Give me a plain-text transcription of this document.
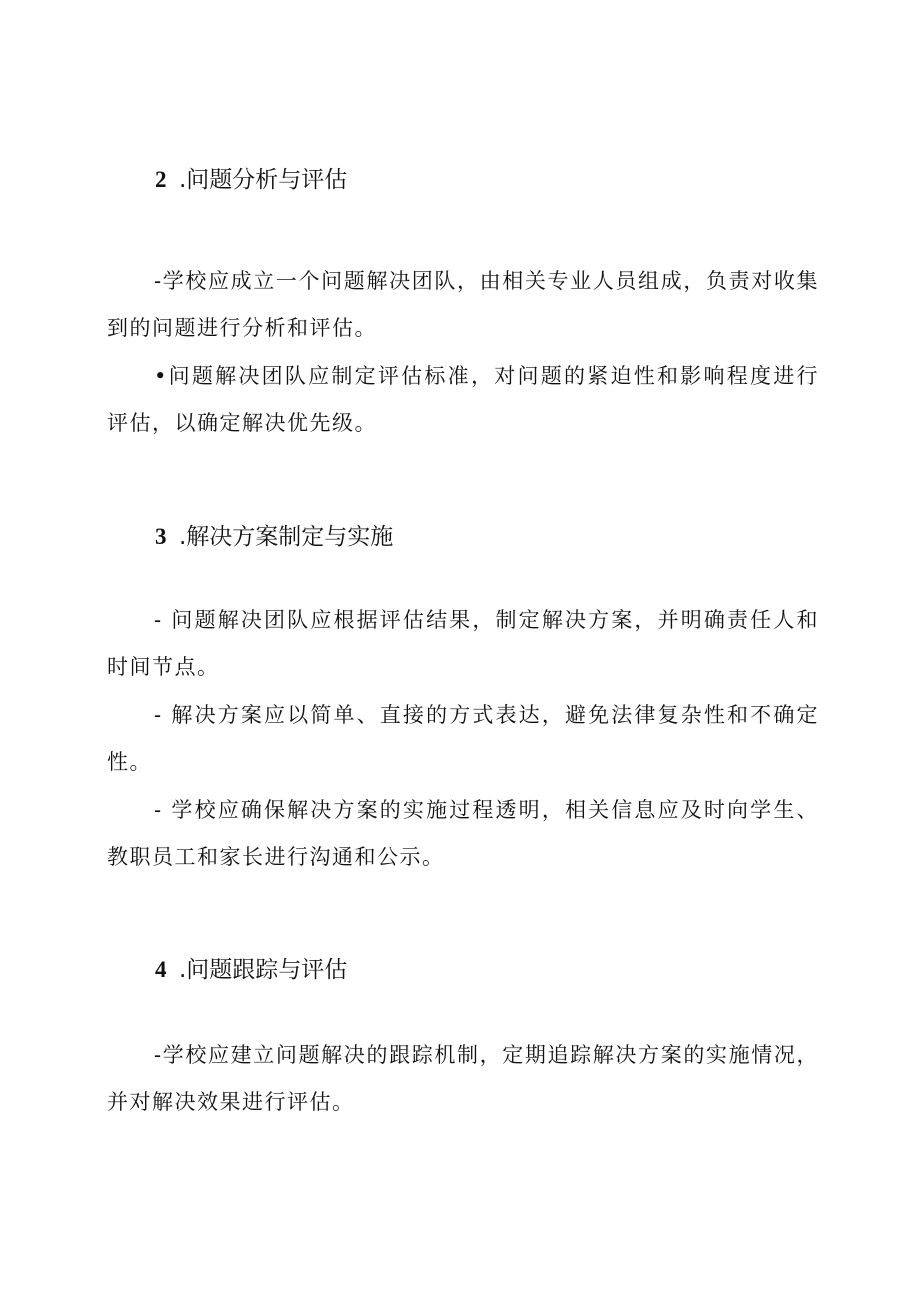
2 .问题分析与评估

-学校应成立一个问题解决团队，由相关专业人员组成，负责对收集到的问题进行分析和评估。

•问题解决团队应制定评估标准，对问题的紧迫性和影响程度进行评估，以确定解决优先级。

3 .解决方案制定与实施

- 问题解决团队应根据评估结果，制定解决方案，并明确责任人和时间节点。

- 解决方案应以简单、直接的方式表达，避免法律复杂性和不确定性。

- 学校应确保解决方案的实施过程透明，相关信息应及时向学生、教职员工和家长进行沟通和公示。

4 .问题跟踪与评估

-学校应建立问题解决的跟踪机制，定期追踪解决方案的实施情况，并对解决效果进行评估。
